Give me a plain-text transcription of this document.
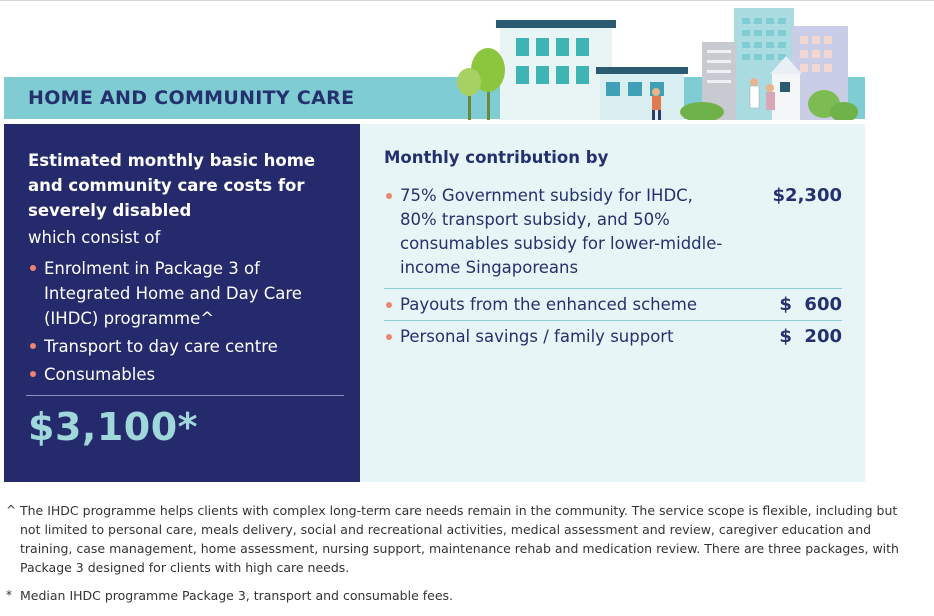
HOME AND COMMUNITY CARE
Estimated monthly basic home and community care costs for severely disabled
which consist of
Enrolment in Package 3 of Integrated Home and Day Care (IHDC) programme^
Transport to day care centre
Consumables
$3,100*
Monthly contribution by
75% Government subsidy for IHDC, 80% transport subsidy, and 50% consumables subsidy for lower-middle-income Singaporeans
$2,300
Payouts from the enhanced scheme	$  600
Personal savings / family support	$  200
^ The IHDC programme helps clients with complex long-term care needs remain in the community. The service scope is flexible, including but not limited to personal care, meals delivery, social and recreational activities, medical assessment and review, caregiver education and training, case management, home assessment, nursing support, maintenance rehab and medication review. There are three packages, with Package 3 designed for clients with high care needs.
* Median IHDC programme Package 3, transport and consumable fees.
